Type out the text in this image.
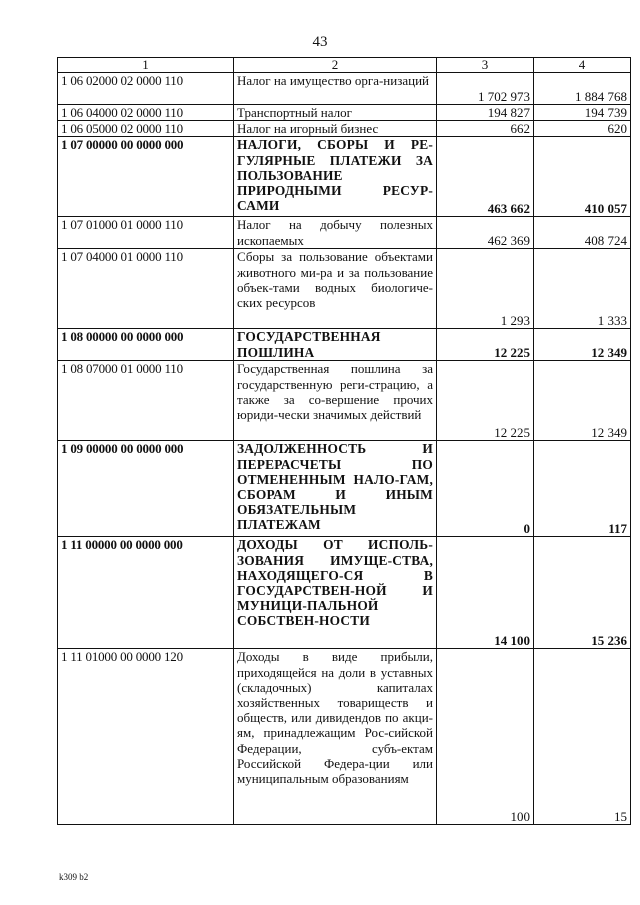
43
1	2	3	4
1 06 02000 02 0000 110	Налог на имущество орга-низаций	1 702 973	1 884 768
1 06 04000 02 0000 110	Транспортный налог	194 827	194 739
1 06 05000 02 0000 110	Налог на игорный бизнес	662	620
1 07 00000 00 0000 000	НАЛОГИ, СБОРЫ И РЕ-ГУЛЯРНЫЕ ПЛАТЕЖИ ЗА ПОЛЬЗОВАНИЕ ПРИРОДНЫМИ РЕСУР-САМИ	463 662	410 057
1 07 01000 01 0000 110	Налог на добычу полезных ископаемых	462 369	408 724
1 07 04000 01 0000 110	Сборы за пользование объектами животного ми-ра и за пользование объек-тами водных биологиче-ских ресурсов	1 293	1 333
1 08 00000 00 0000 000	ГОСУДАРСТВЕННАЯ ПОШЛИНА	12 225	12 349
1 08 07000 01 0000 110	Государственная пошлина за государственную реги-страцию, а также за со-вершение прочих юриди-чески значимых действий	12 225	12 349
1 09 00000 00 0000 000	ЗАДОЛЖЕННОСТЬ И ПЕРЕРАСЧЕТЫ ПО ОТМЕНЕННЫМ НАЛО-ГАМ, СБОРАМ И ИНЫМ ОБЯЗАТЕЛЬНЫМ ПЛАТЕЖАМ	0	117
1 11 00000 00 0000 000	ДОХОДЫ ОТ ИСПОЛЬ-ЗОВАНИЯ ИМУЩЕ-СТВА, НАХОДЯЩЕГО-СЯ В ГОСУДАРСТВЕН-НОЙ И МУНИЦИ-ПАЛЬНОЙ СОБСТВЕН-НОСТИ	14 100	15 236
1 11 01000 00 0000 120	Доходы в виде прибыли, приходящейся на доли в уставных (складочных) капиталах хозяйственных товариществ и обществ, или дивидендов по акци-ям, принадлежащим Рос-сийской Федерации, субъ-ектам Российской Федера-ции или муниципальным образованиям	100	15
k309 b2
